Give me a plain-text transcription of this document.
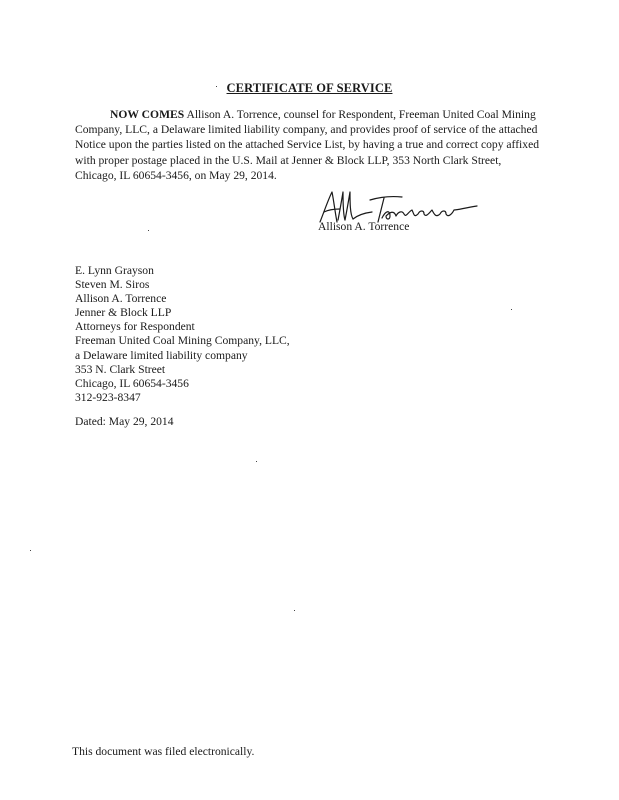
CERTIFICATE OF SERVICE
NOW COMES Allison A. Torrence, counsel for Respondent, Freeman United Coal Mining Company, LLC, a Delaware limited liability company, and provides proof of service of the attached Notice upon the parties listed on the attached Service List, by having a true and correct copy affixed with proper postage placed in the U.S. Mail at Jenner & Block LLP, 353 North Clark Street, Chicago, IL 60654-3456, on May 29, 2014.
Allison A. Torrence
E. Lynn Grayson
Steven M. Siros
Allison A. Torrence
Jenner & Block LLP
Attorneys for Respondent
Freeman United Coal Mining Company, LLC,
a Delaware limited liability company
353 N. Clark Street
Chicago, IL 60654-3456
312-923-8347
Dated: May 29, 2014
This document was filed electronically.
